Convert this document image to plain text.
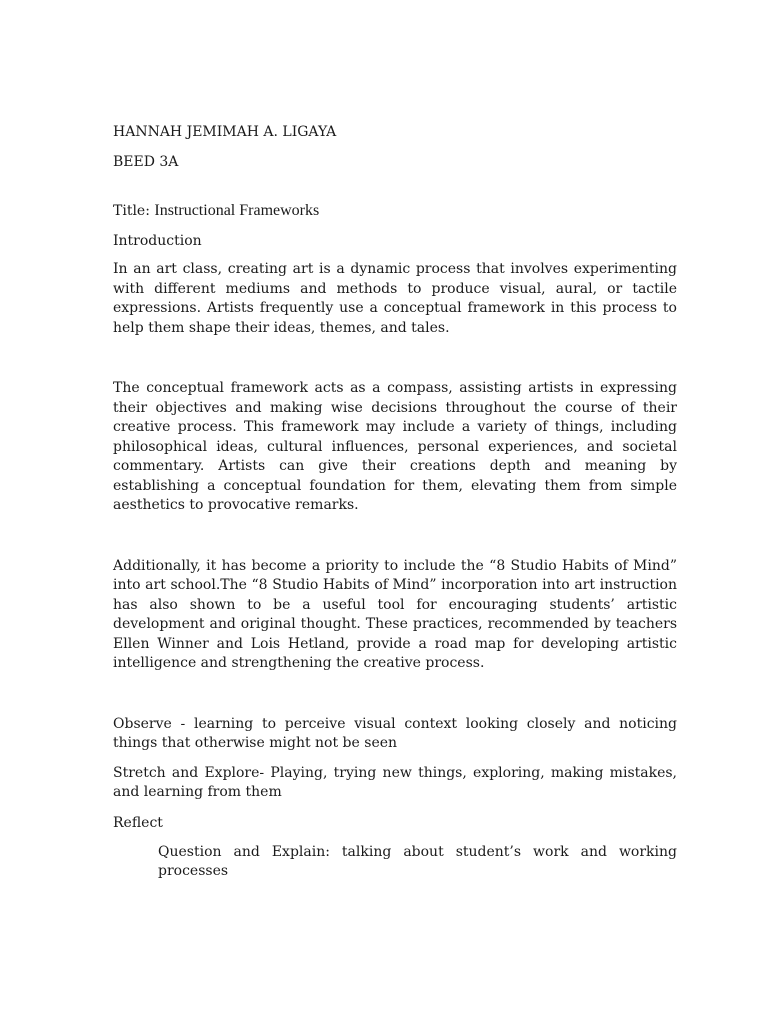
HANNAH JEMIMAH A. LIGAYA

BEED 3A

Title: Instructional Frameworks

Introduction

In an art class, creating art is a dynamic process that involves experimenting with different mediums and methods to produce visual, aural, or tactile expressions. Artists frequently use a conceptual framework in this process to help them shape their ideas, themes, and tales.

The conceptual framework acts as a compass, assisting artists in expressing their objectives and making wise decisions throughout the course of their creative process. This framework may include a variety of things, including philosophical ideas, cultural influences, personal experiences, and societal commentary. Artists can give their creations depth and meaning by establishing a conceptual foundation for them, elevating them from simple aesthetics to provocative remarks.

Additionally, it has become a priority to include the “8 Studio Habits of Mind” into art school.The “8 Studio Habits of Mind” incorporation into art instruction has also shown to be a useful tool for encouraging students’ artistic development and original thought. These practices, recommended by teachers Ellen Winner and Lois Hetland, provide a road map for developing artistic intelligence and strengthening the creative process.

Observe - learning to perceive visual context looking closely and noticing things that otherwise might not be seen

Stretch and Explore- Playing, trying new things, exploring, making mistakes, and learning from them

Reflect

Question and Explain: talking about student’s work and working processes
